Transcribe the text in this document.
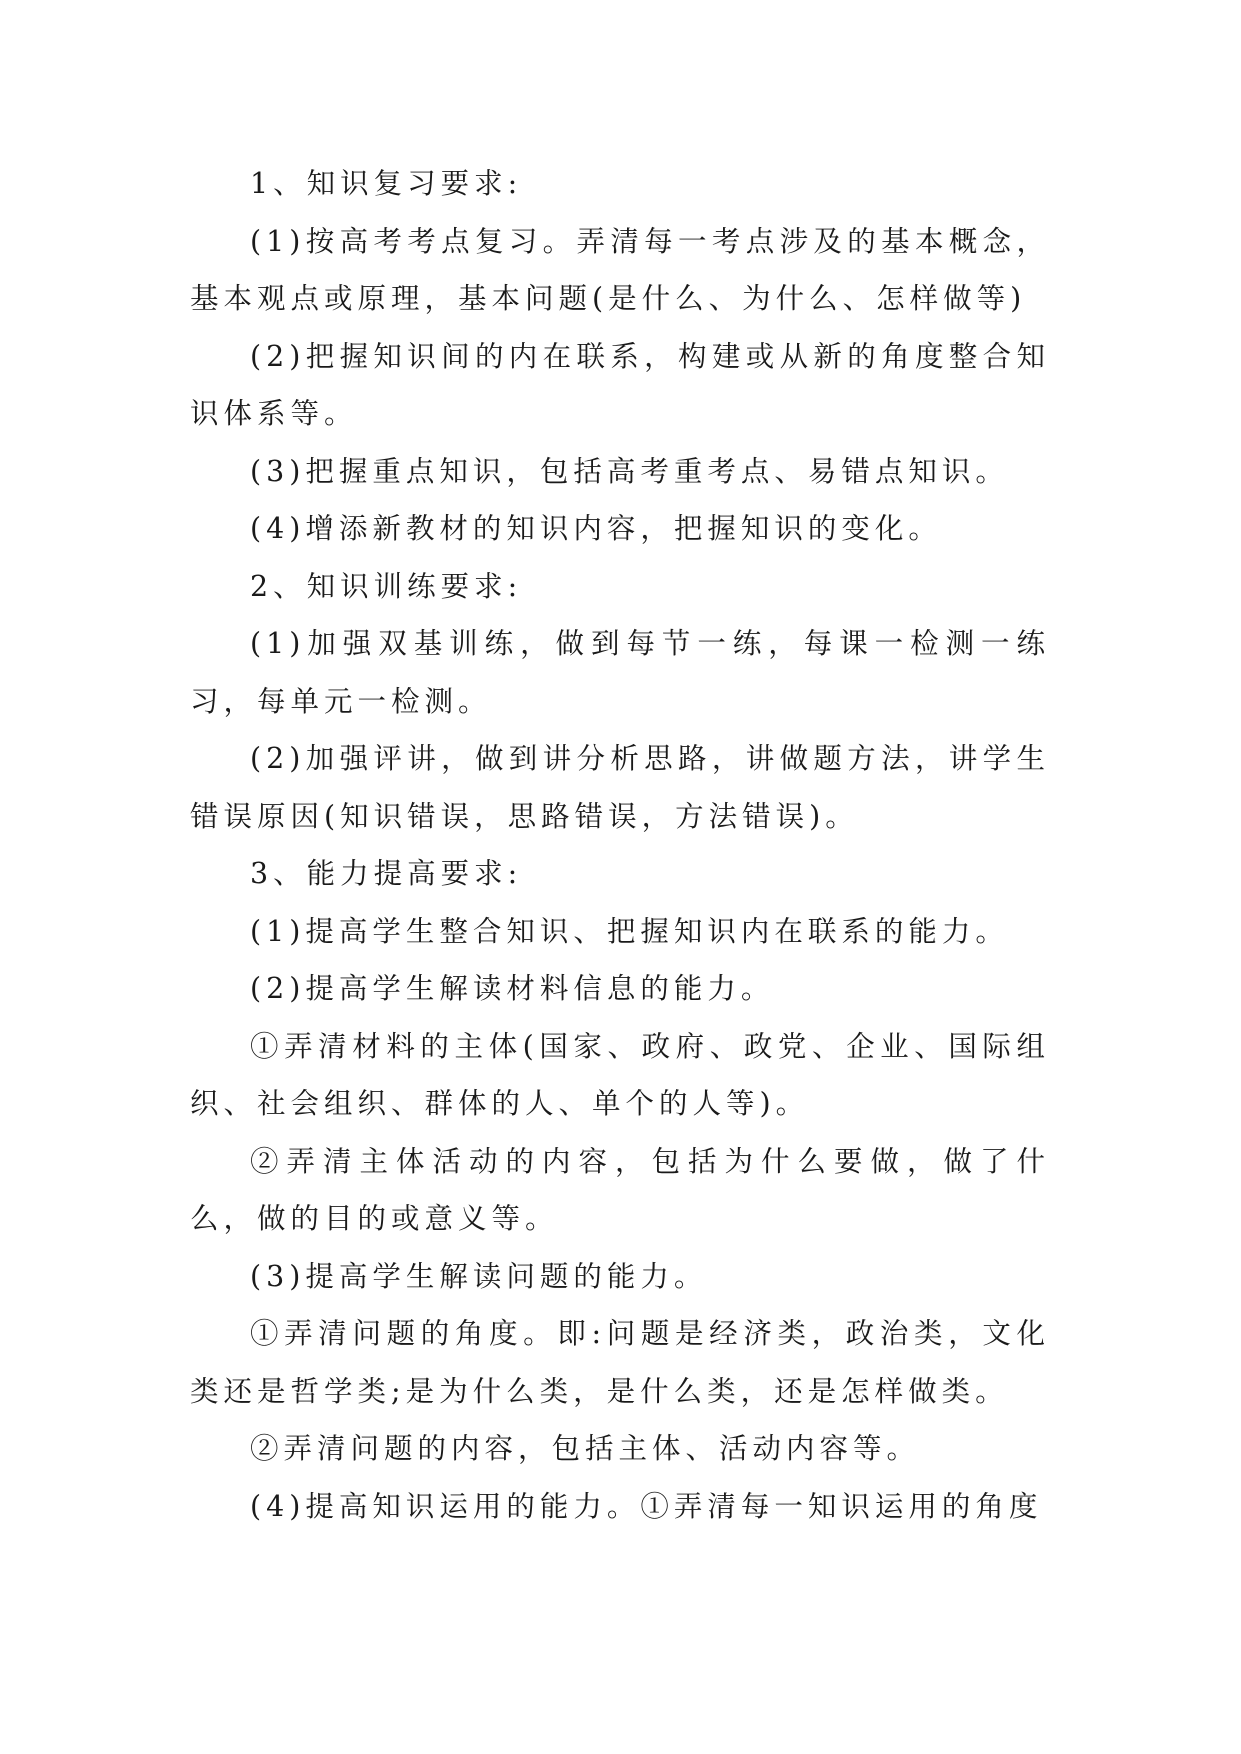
1、知识复习要求:

(1)按高考考点复习。弄清每一考点涉及的基本概念，基本观点或原理，基本问题(是什么、为什么、怎样做等)

(2)把握知识间的内在联系，构建或从新的角度整合知识体系等。

(3)把握重点知识，包括高考重考点、易错点知识。

(4)增添新教材的知识内容，把握知识的变化。

2、知识训练要求:

(1)加强双基训练，做到每节一练，每课一检测一练习，每单元一检测。

(2)加强评讲，做到讲分析思路，讲做题方法，讲学生错误原因(知识错误，思路错误，方法错误)。

3、能力提高要求:

(1)提高学生整合知识、把握知识内在联系的能力。

(2)提高学生解读材料信息的能力。

①弄清材料的主体(国家、政府、政党、企业、国际组织、社会组织、群体的人、单个的人等)。

②弄清主体活动的内容，包括为什么要做，做了什么，做的目的或意义等。

(3)提高学生解读问题的能力。

①弄清问题的角度。即:问题是经济类，政治类，文化类还是哲学类;是为什么类，是什么类，还是怎样做类。

②弄清问题的内容，包括主体、活动内容等。

(4)提高知识运用的能力。①弄清每一知识运用的角度
